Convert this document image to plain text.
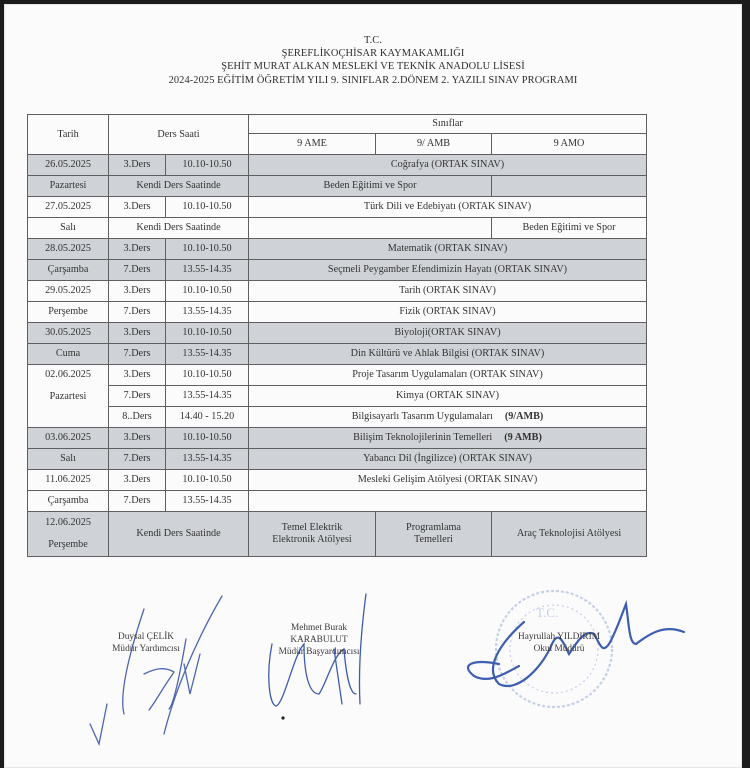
T.C.
ŞEREFLİKOÇHİSAR KAYMAKAMLIĞI
ŞEHİT MURAT ALKAN MESLEKİ VE TEKNİK ANADOLU LİSESİ
2024-2025 EĞİTİM ÖĞRETİM YILI 9. SINIFLAR 2.DÖNEM 2. YAZILI SINAV PROGRAMI
Tarih	Ders Saati		Sınıflar		
			9 AME	9/ AMB	9 AMO
26.05.2025	3.Ders	10.10-10.50	Coğrafya (ORTAK SINAV)		
Pazartesi	Kendi Ders Saatinde		Beden Eğitimi ve Spor		
27.05.2025	3.Ders	10.10-10.50	Türk Dili ve Edebiyatı (ORTAK SINAV)		
Salı	Kendi Ders Saatinde				Beden Eğitimi ve Spor
28.05.2025	3.Ders	10.10-10.50	Matematik (ORTAK SINAV)		
Çarşamba	7.Ders	13.55-14.35	Seçmeli Peygamber Efendimizin Hayatı (ORTAK SINAV)		
29.05.2025	3.Ders	10.10-10.50	Tarih (ORTAK SINAV)		
Perşembe	7.Ders	13.55-14.35	Fizik (ORTAK SINAV)		
30.05.2025	3.Ders	10.10-10.50	Biyoloji(ORTAK SINAV)		
Cuma	7.Ders	13.55-14.35	Din Kültürü ve Ahlak Bilgisi (ORTAK SINAV)		

02.06.2025
Pazartesi	3.Ders	10.10-10.50	Proje Tasarım Uygulamaları (ORTAK SINAV)		
	7.Ders	13.55-14.35	Kimya (ORTAK SINAV)		
	8..Ders	14.40 - 15.20	Bilgisayarlı Tasarım Uygulamaları (9/AMB)		
03.06.2025	3.Ders	10.10-10.50	Bilişim Teknolojilerinin Temelleri (9 AMB)		
Salı	7.Ders	13.55-14.35	Yabancı Dil (İngilizce) (ORTAK SINAV)		
11.06.2025	3.Ders	10.10-10.50	Mesleki Gelişim Atölyesi (ORTAK SINAV)		
Çarşamba	7.Ders	13.55-14.35			

12.06.2025
Perşembe	Kendi Ders Saatinde		Temel Elektrik Elektronik Atölyesi	Programlama Temelleri	Araç Teknolojisi Atölyesi
T.C.
Duysal ÇELİK
Müdür Yardımcısı
Mehmet Burak
KARABULUT
Müdür Başyardımcısı
Hayrullah YILDIRIM
Okul Müdürü
